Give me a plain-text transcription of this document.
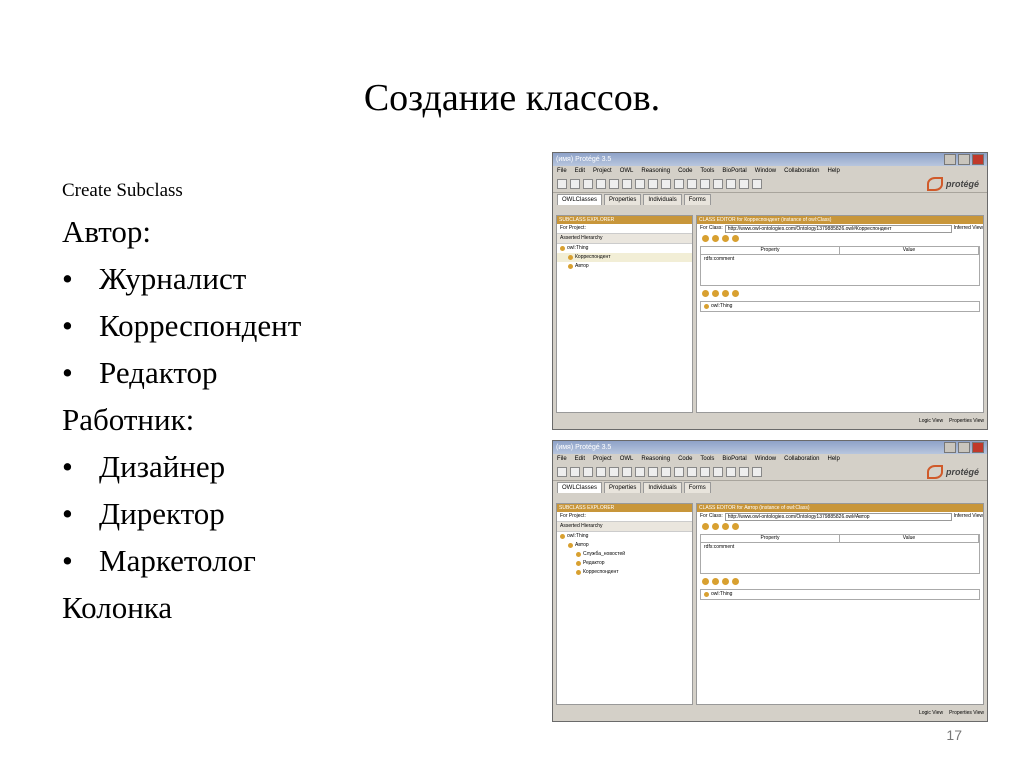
Создание классов.
Create Subclass
Автор:
• Журналист
• Корреспондент
• Редактор
Работник:
• Дизайнер
• Директор
• Маркетолог
Колонка
(имя) Protégé 3.5
File Edit Project OWL Reasoning Code Tools BioPortal Window Collaboration Help
protégé
OWLClasses	Properties	Individuals	Forms
SUBCLASS EXPLORER
For Project:
Asserted Hierarchy
owl:Thing
Корреспондент
Автор
CLASS EDITOR for Корреспондент (instance of owl:Class)
For Class:	http://www.owl-ontologies.com/Ontology1379885826.owl#Корреспондент	Inferred View
Property	Value
rdfs:comment
owl:Thing
Logic View Properties View
(имя) Protégé 3.5
File Edit Project OWL Reasoning Code Tools BioPortal Window Collaboration Help
protégé
OWLClasses	Properties	Individuals	Forms
SUBCLASS EXPLORER
For Project:
Asserted Hierarchy
owl:Thing
Автор
Служба_новостей
Редактор
Корреспондент
CLASS EDITOR for Автор (instance of owl:Class)
For Class:	http://www.owl-ontologies.com/Ontology1379885826.owl#Автор	Inferred View
Property	Value
rdfs:comment
owl:Thing
Logic View Properties View
17
